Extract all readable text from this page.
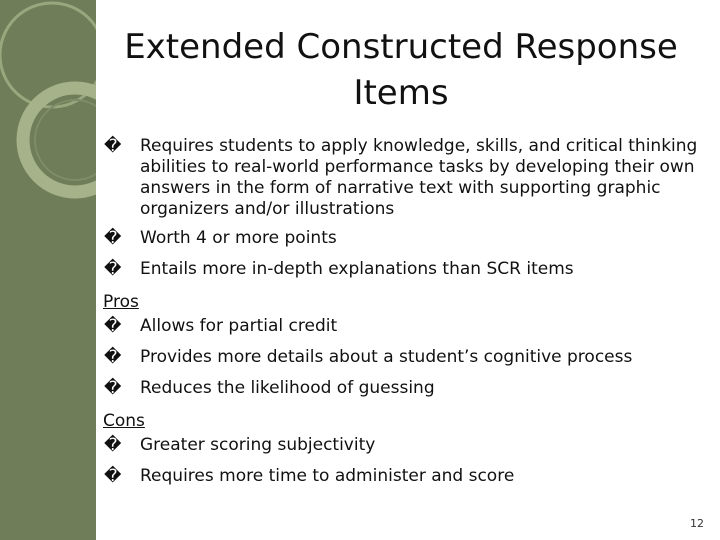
Extended Constructed Response
Items
�	Requires students to apply knowledge, skills, and critical thinking abilities to real-world performance tasks by developing their own answers in the form of narrative text with supporting graphic organizers and/or illustrations
�	Worth 4 or more points
�	Entails more in-depth explanations than SCR items
Pros
�	Allows for partial credit
�	Provides more details about a student’s cognitive process
�	Reduces the likelihood of guessing
Cons
�	Greater scoring subjectivity
�	Requires more time to administer and score
12
